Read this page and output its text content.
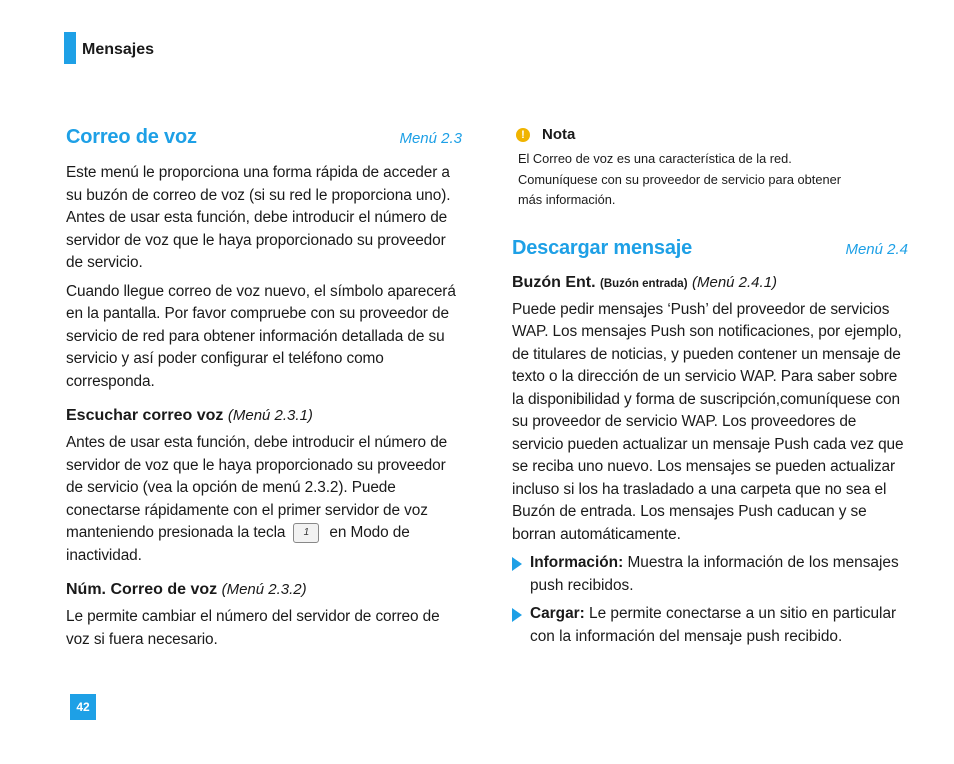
Mensajes
Correo de voz	Menú 2.3

Este menú le proporciona una forma rápida de acceder a su buzón de correo de voz (si su red le proporciona uno). Antes de usar esta función, debe introducir el número de servidor de voz que le haya proporcionado su proveedor de servicio.

Cuando llegue correo de voz nuevo, el símbolo aparecerá en la pantalla. Por favor compruebe con su proveedor de servicio de red para obtener información detallada de su servicio y así poder configurar el teléfono como corresponda.

Escuchar correo voz (Menú 2.3.1)

Antes de usar esta función, debe introducir el número de servidor de voz que le haya proporcionado su proveedor de servicio (vea la opción de menú 2.3.2). Puede conectarse rápidamente con el primer servidor de voz manteniendo presionada la tecla 1 en Modo de inactividad.

Núm. Correo de voz (Menú 2.3.2)

Le permite cambiar el número del servidor de correo de voz si fuera necesario.

!	Nota
El Correo de voz es una característica de la red.
Comuníquese con su proveedor de servicio para obtener
más información.
Descargar mensaje	Menú 2.4

Buzón Ent. (Buzón entrada) (Menú 2.4.1)

Puede pedir mensajes ‘Push’ del proveedor de servicios WAP. Los mensajes Push son notificaciones, por ejemplo, de titulares de noticias, y pueden contener un mensaje de texto o la dirección de un servicio WAP. Para saber sobre la disponibilidad y forma de suscripción,comuníquese con su proveedor de servicio WAP. Los proveedores de servicio pueden actualizar un mensaje Push cada vez que se reciba uno nuevo. Los mensajes se pueden actualizar incluso si los ha trasladado a una carpeta que no sea el Buzón de entrada. Los mensajes Push caducan y se borran automáticamente.

Información: Muestra la información de los mensajes push recibidos.
Cargar: Le permite conectarse a un sitio en particular con la información del mensaje push recibido.
42
